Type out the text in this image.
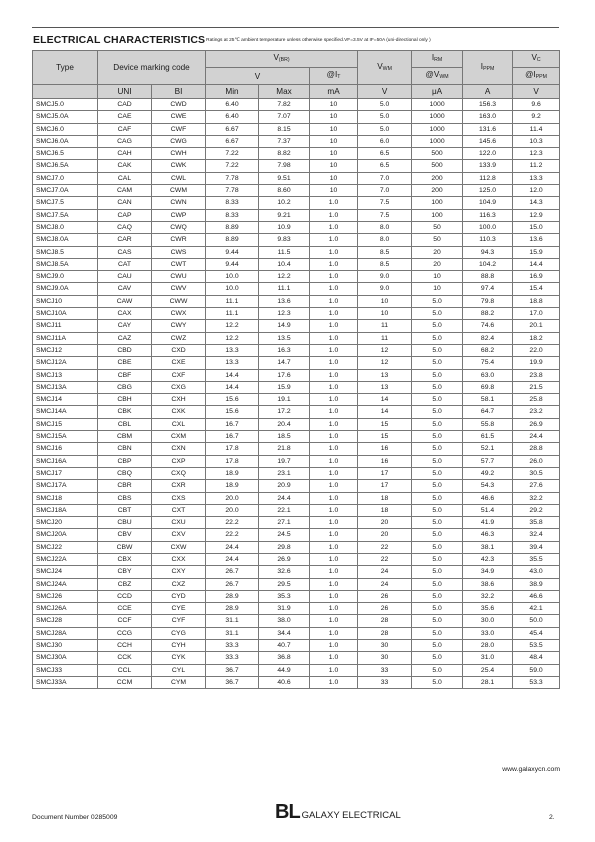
ELECTRICAL CHARACTERISTICSRatings at 25℃ ambient temperature unless otherwise specified.VF=3.5V at IF=50A (uni-directional only )
Type	Device marking code		$V_{(BR)}$			$V_{WM}$	$I_{RM}$	$I_{PPM}$	$V_C$
			V		$@I_T$		$@V_{WM}$		$@I_{PPM}$
	UNI	BI	Min	Max	mA	V	μA	A	V
SMCJ5.0	CAD	CWD	6.40	7.82	10	5.0	1000	156.3	9.6
SMCJ5.0A	CAE	CWE	6.40	7.07	10	5.0	1000	163.0	9.2
SMCJ6.0	CAF	CWF	6.67	8.15	10	5.0	1000	131.6	11.4
SMCJ6.0A	CAG	CWG	6.67	7.37	10	6.0	1000	145.6	10.3
SMCJ6.5	CAH	CWH	7.22	8.82	10	6.5	500	122.0	12.3
SMCJ6.5A	CAK	CWK	7.22	7.98	10	6.5	500	133.9	11.2
SMCJ7.0	CAL	CWL	7.78	9.51	10	7.0	200	112.8	13.3
SMCJ7.0A	CAM	CWM	7.78	8.60	10	7.0	200	125.0	12.0
SMCJ7.5	CAN	CWN	8.33	10.2	1.0	7.5	100	104.9	14.3
SMCJ7.5A	CAP	CWP	8.33	9.21	1.0	7.5	100	116.3	12.9
SMCJ8.0	CAQ	CWQ	8.89	10.9	1.0	8.0	50	100.0	15.0
SMCJ8.0A	CAR	CWR	8.89	9.83	1.0	8.0	50	110.3	13.6
SMCJ8.5	CAS	CWS	9.44	11.5	1.0	8.5	20	94.3	15.9
SMCJ8.5A	CAT	CWT	9.44	10.4	1.0	8.5	20	104.2	14.4
SMCJ9.0	CAU	CWU	10.0	12.2	1.0	9.0	10	88.8	16.9
SMCJ9.0A	CAV	CWV	10.0	11.1	1.0	9.0	10	97.4	15.4
SMCJ10	CAW	CWW	11.1	13.6	1.0	10	5.0	79.8	18.8
SMCJ10A	CAX	CWX	11.1	12.3	1.0	10	5.0	88.2	17.0
SMCJ11	CAY	CWY	12.2	14.9	1.0	11	5.0	74.6	20.1
SMCJ11A	CAZ	CWZ	12.2	13.5	1.0	11	5.0	82.4	18.2
SMCJ12	CBD	CXD	13.3	16.3	1.0	12	5.0	68.2	22.0
SMCJ12A	CBE	CXE	13.3	14.7	1.0	12	5.0	75.4	19.9
SMCJ13	CBF	CXF	14.4	17.6	1.0	13	5.0	63.0	23.8
SMCJ13A	CBG	CXG	14.4	15.9	1.0	13	5.0	69.8	21.5
SMCJ14	CBH	CXH	15.6	19.1	1.0	14	5.0	58.1	25.8
SMCJ14A	CBK	CXK	15.6	17.2	1.0	14	5.0	64.7	23.2
SMCJ15	CBL	CXL	16.7	20.4	1.0	15	5.0	55.8	26.9
SMCJ15A	CBM	CXM	16.7	18.5	1.0	15	5.0	61.5	24.4
SMCJ16	CBN	CXN	17.8	21.8	1.0	16	5.0	52.1	28.8
SMCJ16A	CBP	CXP	17.8	19.7	1.0	16	5.0	57.7	26.0
SMCJ17	CBQ	CXQ	18.9	23.1	1.0	17	5.0	49.2	30.5
SMCJ17A	CBR	CXR	18.9	20.9	1.0	17	5.0	54.3	27.6
SMCJ18	CBS	CXS	20.0	24.4	1.0	18	5.0	46.6	32.2
SMCJ18A	CBT	CXT	20.0	22.1	1.0	18	5.0	51.4	29.2
SMCJ20	CBU	CXU	22.2	27.1	1.0	20	5.0	41.9	35.8
SMCJ20A	CBV	CXV	22.2	24.5	1.0	20	5.0	46.3	32.4
SMCJ22	CBW	CXW	24.4	29.8	1.0	22	5.0	38.1	39.4
SMCJ22A	CBX	CXX	24.4	26.9	1.0	22	5.0	42.3	35.5
SMCJ24	CBY	CXY	26.7	32.6	1.0	24	5.0	34.9	43.0
SMCJ24A	CBZ	CXZ	26.7	29.5	1.0	24	5.0	38.6	38.9
SMCJ26	CCD	CYD	28.9	35.3	1.0	26	5.0	32.2	46.6
SMCJ26A	CCE	CYE	28.9	31.9	1.0	26	5.0	35.6	42.1
SMCJ28	CCF	CYF	31.1	38.0	1.0	28	5.0	30.0	50.0
SMCJ28A	CCG	CYG	31.1	34.4	1.0	28	5.0	33.0	45.4
SMCJ30	CCH	CYH	33.3	40.7	1.0	30	5.0	28.0	53.5
SMCJ30A	CCK	CYK	33.3	36.8	1.0	30	5.0	31.0	48.4
SMCJ33	CCL	CYL	36.7	44.9	1.0	33	5.0	25.4	59.0
SMCJ33A	CCM	CYM	36.7	40.6	1.0	33	5.0	28.1	53.3
www.galaxycn.com
Document Number 0285009	BL GALAXY ELECTRICAL	2.
